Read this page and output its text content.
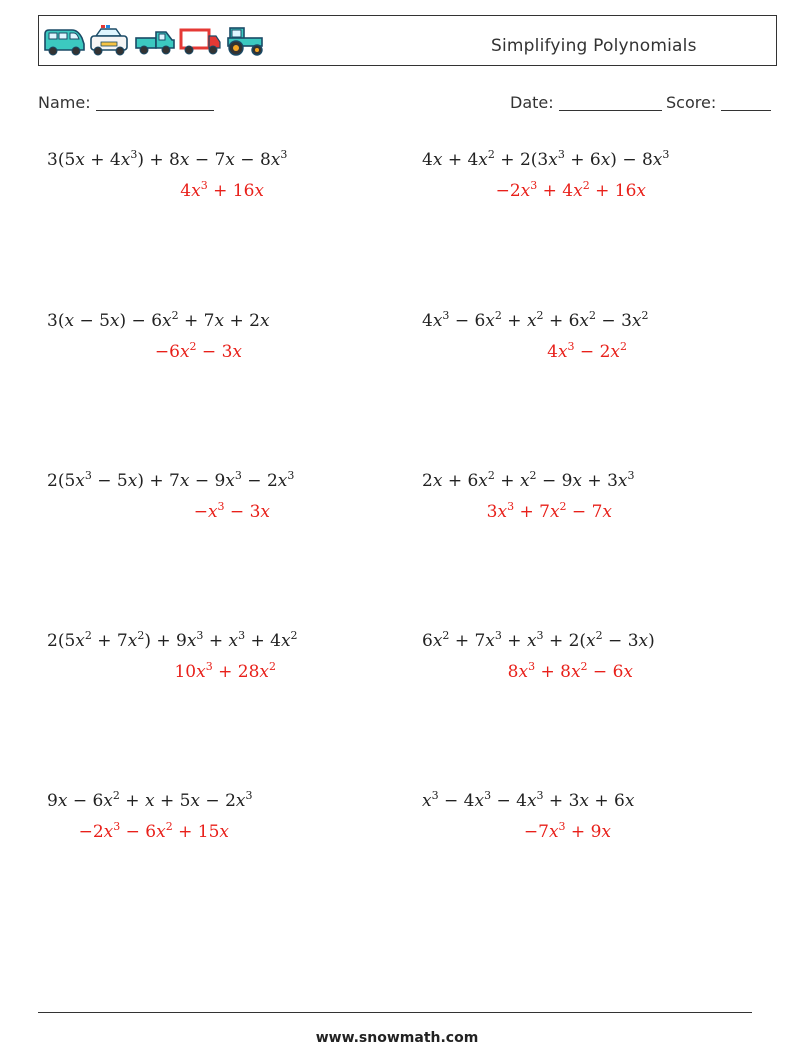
Simplifying Polynomials
Name:	Date:	Score:
$3(5x + 4x^3) + 8x - 7x - 8x^3$
$4x^3 + 16x$
$3(x - 5x) - 6x^2 + 7x + 2x$
$-6x^2 - 3x$
$2(5x^3 - 5x) + 7x - 9x^3 - 2x^3$
$-x^3 - 3x$
$2(5x^2 + 7x^2) + 9x^3 + x^3 + 4x^2$
$10x^3 + 28x^2$
$9x - 6x^2 + x + 5x - 2x^3$
$-2x^3 - 6x^2 + 15x$
$4x + 4x^2 + 2(3x^3 + 6x) - 8x^3$
$-2x^3 + 4x^2 + 16x$
$4x^3 - 6x^2 + x^2 + 6x^2 - 3x^2$
$4x^3 - 2x^2$
$2x + 6x^2 + x^2 - 9x + 3x^3$
$3x^3 + 7x^2 - 7x$
$6x^2 + 7x^3 + x^3 + 2(x^2 - 3x)$
$8x^3 + 8x^2 - 6x$
$x^3 - 4x^3 - 4x^3 + 3x + 6x$
$-7x^3 + 9x$
www.snowmath.com
